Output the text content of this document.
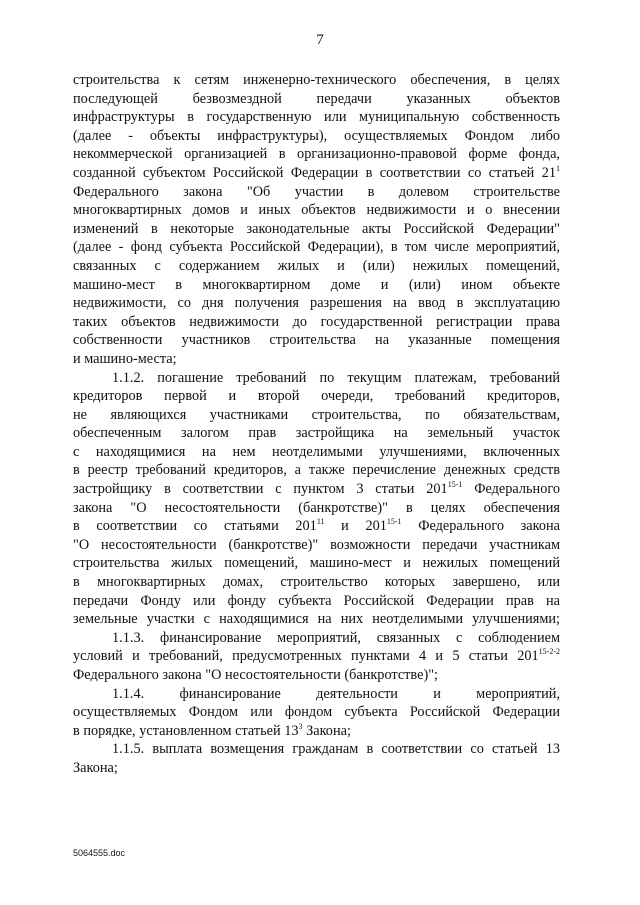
7
строительства к сетям инженерно-технического обеспечения, в целях
последующей безвозмездной передачи указанных объектов
инфраструктуры в государственную или муниципальную собственность
(далее - объекты инфраструктуры), осуществляемых Фондом либо
некоммерческой организацией в организационно-правовой форме фонда,
созданной субъектом Российской Федерации в соответствии со статьей $21^1$
Федерального закона "Об участии в долевом строительстве
многоквартирных домов и иных объектов недвижимости и о внесении
изменений в некоторые законодательные акты Российской Федерации"
(далее - фонд субъекта Российской Федерации), в том числе мероприятий,
связанных с содержанием жилых и (или) нежилых помещений,
машино-мест в многоквартирном доме и (или) ином объекте
недвижимости, со дня получения разрешения на ввод в эксплуатацию
таких объектов недвижимости до государственной регистрации права
собственности участников строительства на указанные помещения
и машино-места;
1.1.2. погашение требований по текущим платежам, требований
кредиторов первой и второй очереди, требований кредиторов,
не являющихся участниками строительства, по обязательствам,
обеспеченным залогом прав застройщика на земельный участок
с находящимися на нем неотделимыми улучшениями, включенных
в реестр требований кредиторов, а также перечисление денежных средств
застройщику в соответствии с пунктом 3 статьи 201$^{15-1}$ Федерального
закона "О несостоятельности (банкротстве)" в целях обеспечения
в соответствии со статьями $201^{11}$ и 201$^{15-1}$ Федерального закона
"О несостоятельности (банкротстве)" возможности передачи участникам
строительства жилых помещений, машино-мест и нежилых помещений
в многоквартирных домах, строительство которых завершено, или
передачи Фонду или фонду субъекта Российской Федерации прав на
земельные участки с находящимися на них неотделимыми улучшениями;
1.1.3. финансирование мероприятий, связанных с соблюдением
условий и требований, предусмотренных пунктами 4 и 5 статьи 201$^{15-2-2}$
Федерального закона "О несостоятельности (банкротстве)";
1.1.4. финансирование деятельности и мероприятий,
осуществляемых Фондом или фондом субъекта Российской Федерации
в порядке, установленном статьей $13^3$ Закона;
1.1.5. выплата возмещения гражданам в соответствии со статьей 13
Закона;
5064555.doc
